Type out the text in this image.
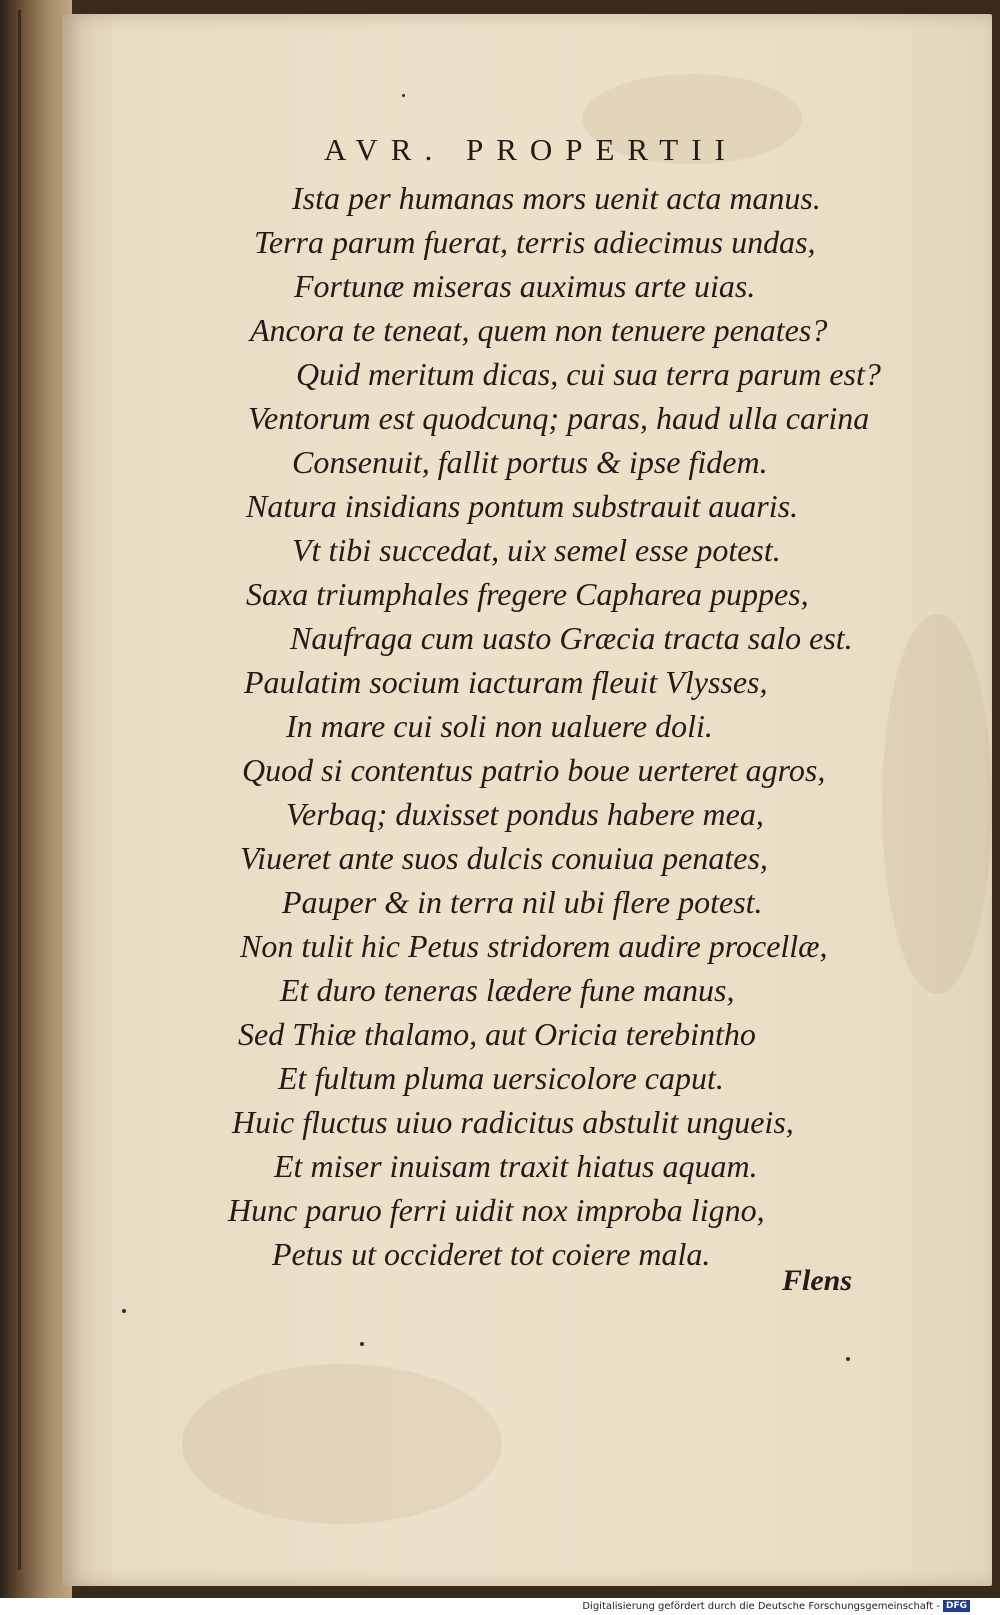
AVR. PROPERTII
Ista per humanas mors uenit acta manus.
Terra parum fuerat, terris adiecimus undas,
Fortunæ miseras auximus arte uias.
Ancora te teneat, quem non tenuere penates?
Quid meritum dicas, cui sua terra parum est?
Ventorum est quodcunq; paras, haud ulla carina
Consenuit, fallit portus & ipse fidem.
Natura insidians pontum substrauit auaris.
Vt tibi succedat, uix semel esse potest.
Saxa triumphales fregere Capharea puppes,
Naufraga cum uasto Græcia tracta salo est.
Paulatim socium iacturam fleuit Vlysses,
In mare cui soli non ualuere doli.
Quod si contentus patrio boue uerteret agros,
Verbaq; duxisset pondus habere mea,
Viueret ante suos dulcis conuiua penates,
Pauper & in terra nil ubi flere potest.
Non tulit hic Petus stridorem audire procellæ,
Et duro teneras lædere fune manus,
Sed Thiæ thalamo, aut Oricia terebintho
Et fultum pluma uersicolore caput.
Huic fluctus uiuo radicitus abstulit ungueis,
Et miser inuisam traxit hiatus aquam.
Hunc paruo ferri uidit nox improba ligno,
Petus ut occideret tot coiere mala.
Flens
Digitalisierung gefördert durch die Deutsche Forschungsgemeinschaft - DFG
